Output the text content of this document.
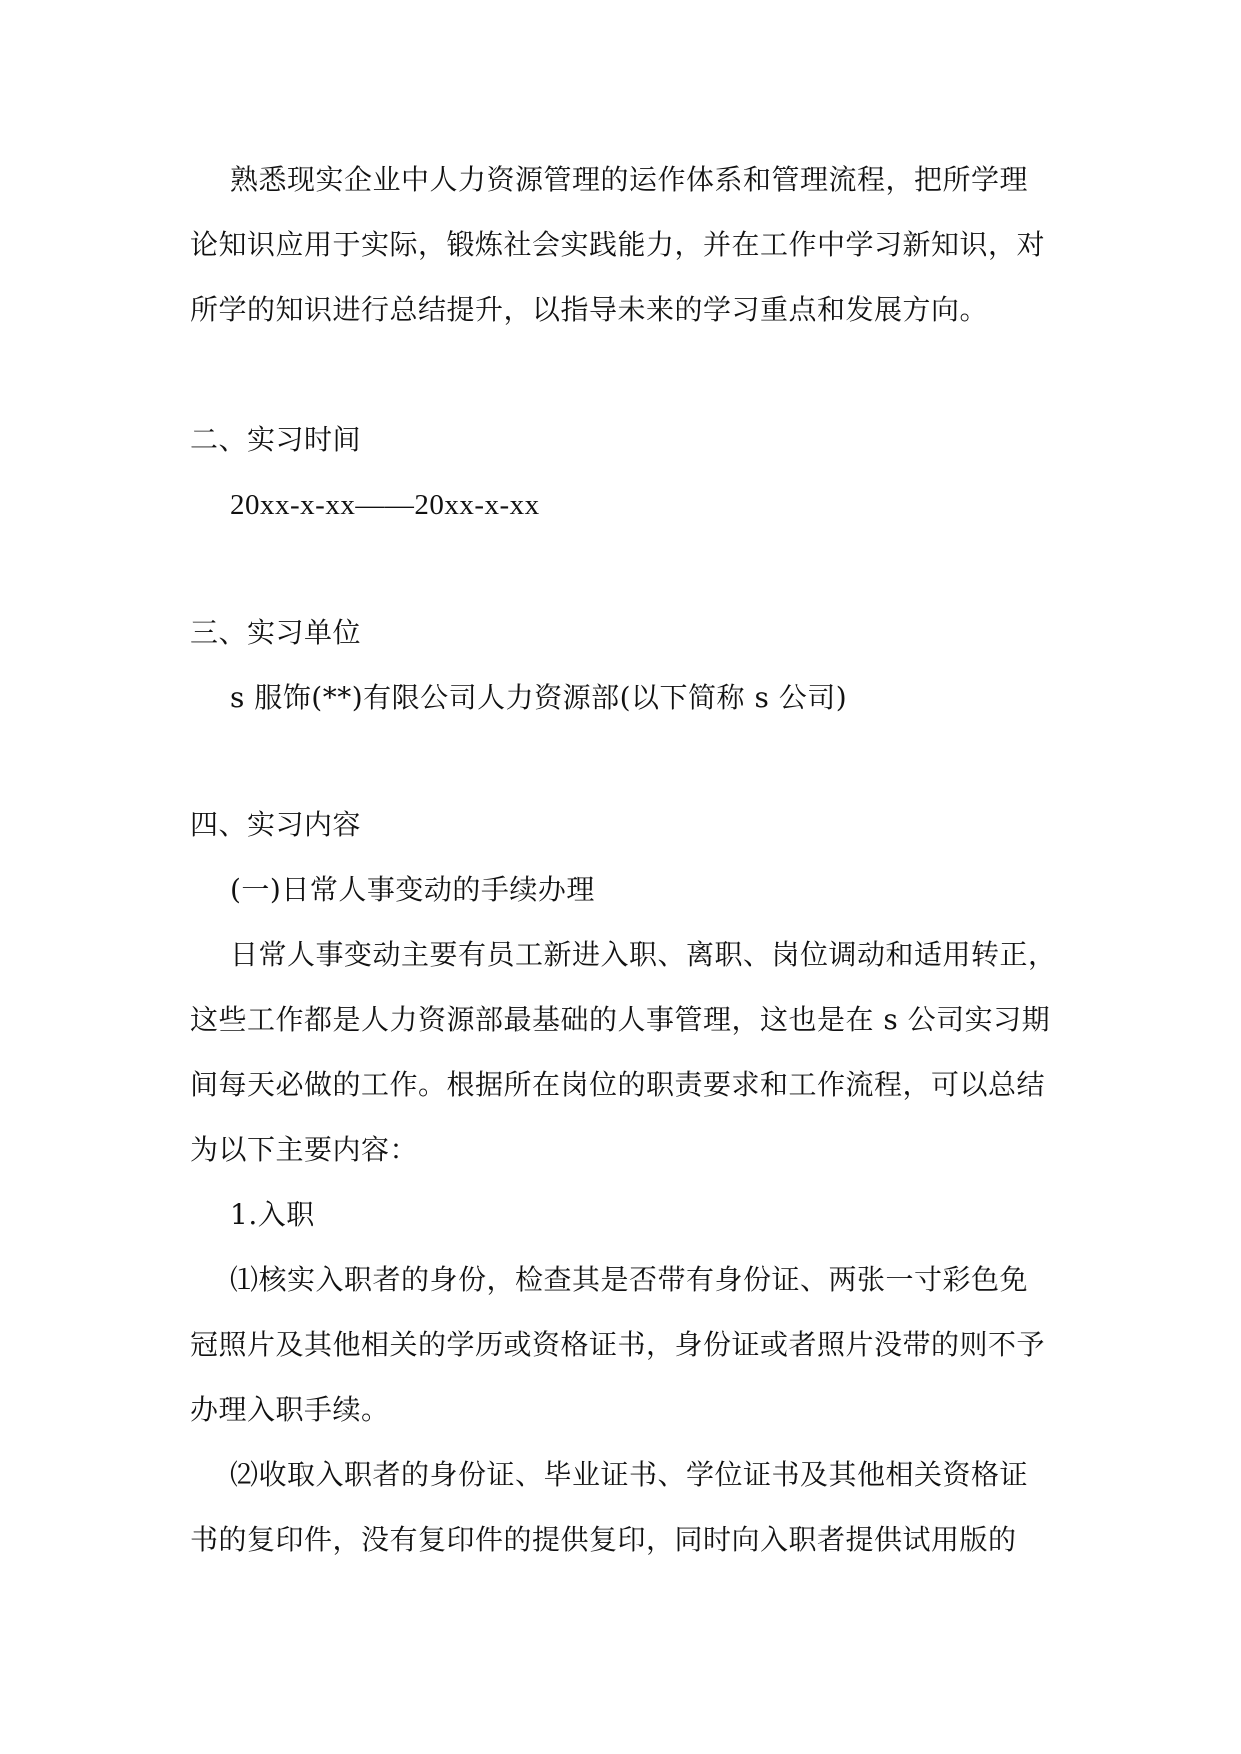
熟悉现实企业中人力资源管理的运作体系和管理流程，把所学理
论知识应用于实际，锻炼社会实践能力，并在工作中学习新知识，对
所学的知识进行总结提升，以指导未来的学习重点和发展方向。
二、实习时间
20xx-x-xx——20xx-x-xx
三、实习单位
s 服饰(**)有限公司人力资源部(以下简称 s 公司)
四、实习内容
(一)日常人事变动的手续办理
日常人事变动主要有员工新进入职、离职、岗位调动和适用转正，
这些工作都是人力资源部最基础的人事管理，这也是在 s 公司实习期
间每天必做的工作。根据所在岗位的职责要求和工作流程，可以总结
为以下主要内容：
1.入职
⑴核实入职者的身份，检查其是否带有身份证、两张一寸彩色免
冠照片及其他相关的学历或资格证书，身份证或者照片没带的则不予
办理入职手续。
⑵收取入职者的身份证、毕业证书、学位证书及其他相关资格证
书的复印件，没有复印件的提供复印，同时向入职者提供试用版的
